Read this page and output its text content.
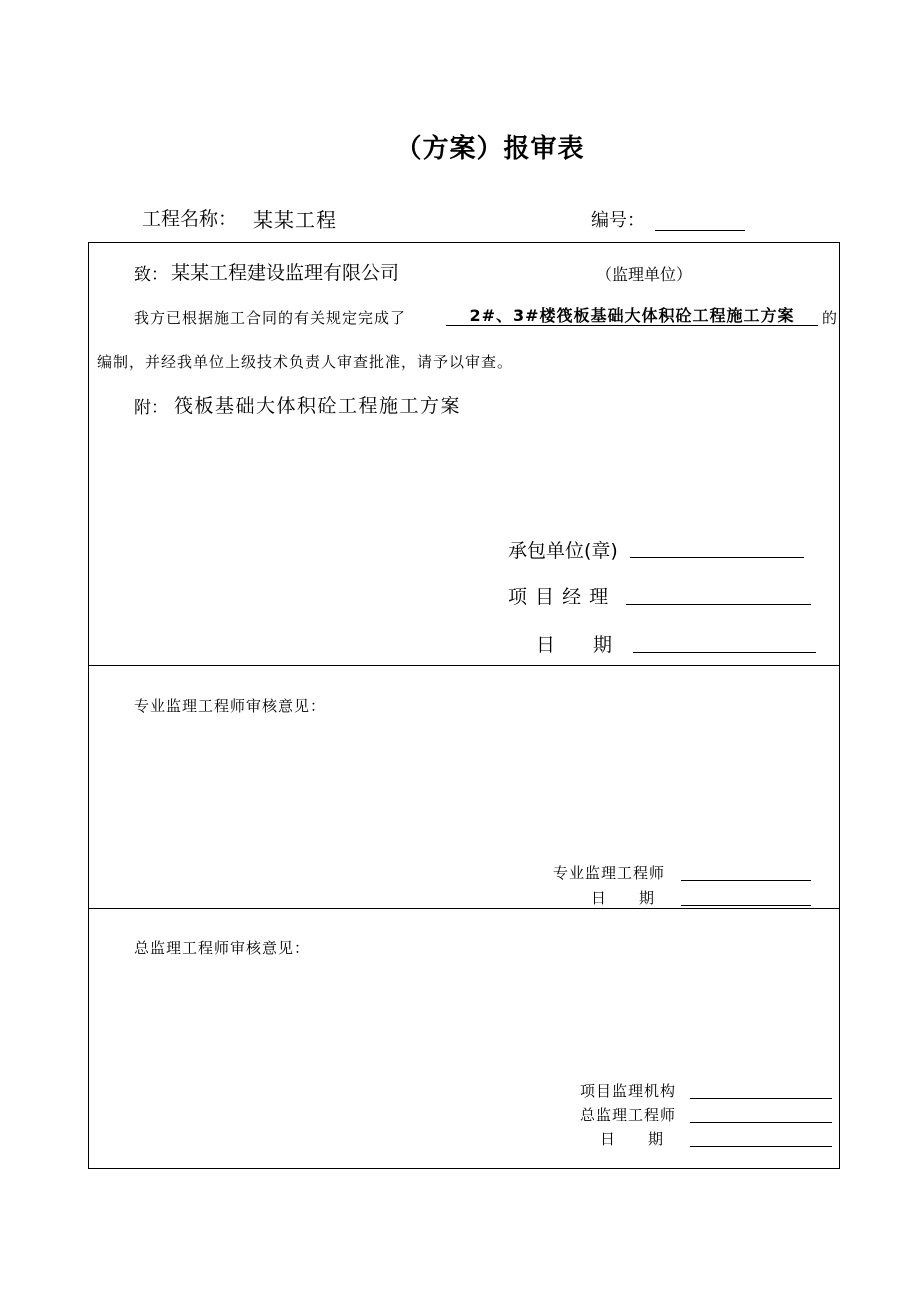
（方案）报审表
工程名称： 某某工程	编号：
致： 某某工程建设监理有限公司	（监理单位）
我方已根据施工合同的有关规定完成了	2#、3#楼筏板基础大体积砼工程施工方案	的
编制，并经我单位上级技术负责人审查批准，请予以审查。
附： 筏板基础大体积砼工程施工方案
承包单位(章)
项 目 经 理
日　　期
专业监理工程师审核意见：
专业监理工程师
日　　期
总监理工程师审核意见：
项目监理机构
总监理工程师
日　　期
